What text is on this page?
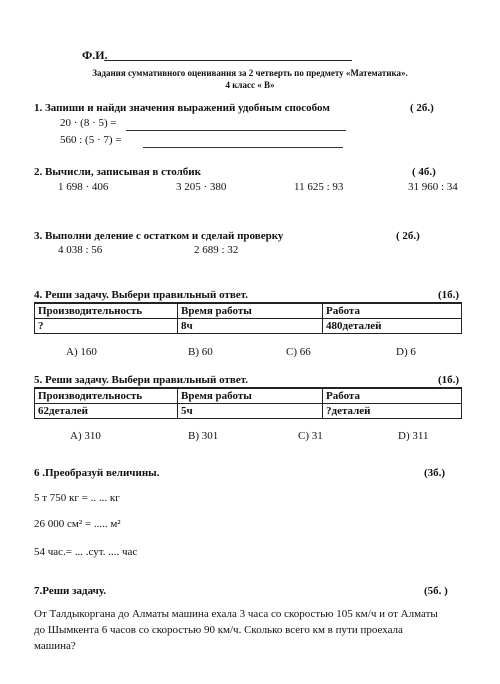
Ф.И.
Задания суммативного оценивания за 2 четверть по предмету «Математика».
4 класс « В»
1. Запиши и найди значения выражений удобным способом	( 2б.)
20 · (8 · 5) =
560 : (5 · 7) =
2. Вычисли, записывая в столбик	( 4б.)
1 698 · 406	3 205 · 380	11 625 : 93	31 960 : 34
3. Выполни деление с остатком и сделай проверку	( 2б.)
4 038 : 56	2 689 : 32
4. Реши задачу. Выбери правильный ответ.	(1б.)
Производительность	Время работы	Работа
?	8ч	480деталей
A) 160	B) 60	C) 66	D) 6
5. Реши задачу. Выбери правильный ответ.	(1б.)
Производительность	Время работы	Работа
62деталей	5ч	?деталей
A) 310	B) 301	C) 31	D) 311
6 .Преобразуй величины.	(3б.)
5 т 750 кг = .. ... кг
26 000 см² = ..... м²
54 час.= ... .сут. .... час
7.Реши задачу.	(5б. )
От Талдыкоргана до Алматы машина ехала 3 часа со скоростью 105 км/ч и от Алматы
до Шымкента 6 часов со скоростью 90 км/ч. Сколько всего км в пути проехала
машина?
